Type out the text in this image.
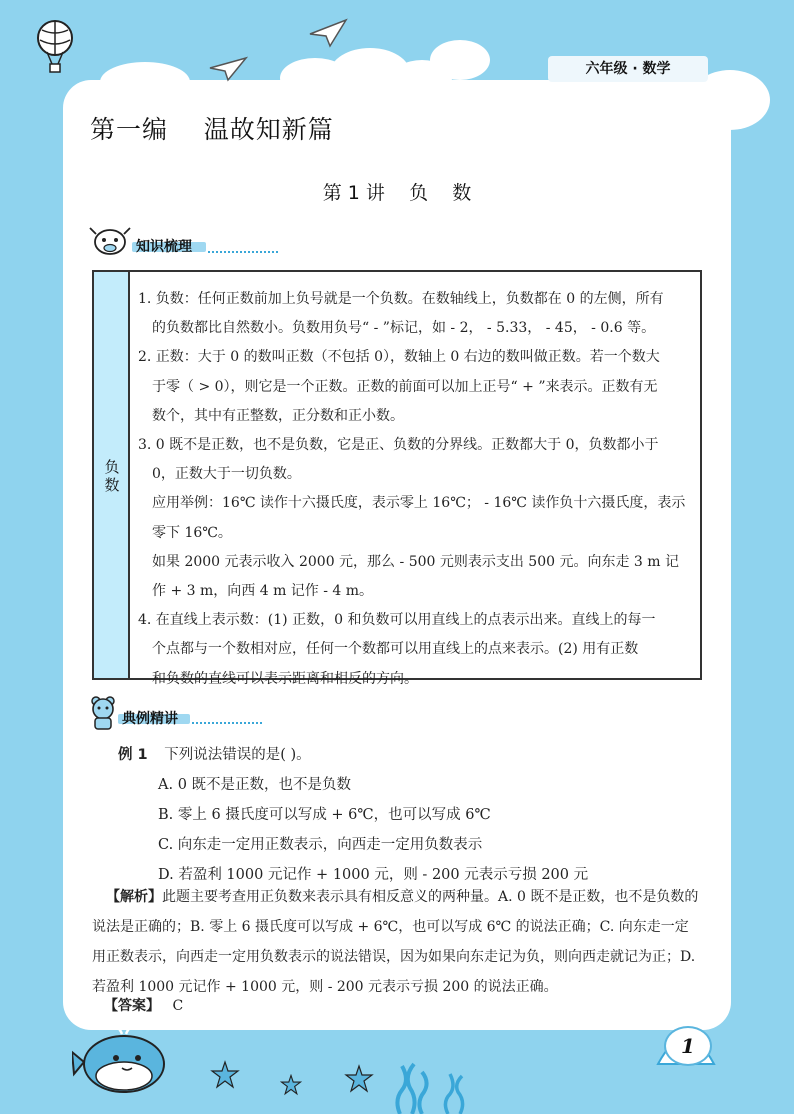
六年级 · 数学
第一编    温故知新篇
第 1 讲    负    数
知识梳理
负数

1. 负数：任何正数前加上负号就是一个负数。在数轴线上，负数都在 0 的左侧，所有

的负数都比自然数小。负数用负号“ - ”标记，如 - 2， - 5.33， - 45， - 0.6 等。

2. 正数：大于 0 的数叫正数（不包括 0），数轴上 0 右边的数叫做正数。若一个数大

于零（ > 0），则它是一个正数。正数的前面可以加上正号“ + ”来表示。正数有无

数个，其中有正整数，正分数和正小数。

3. 0 既不是正数，也不是负数，它是正、负数的分界线。正数都大于 0，负数都小于

0，正数大于一切负数。

应用举例：16℃ 读作十六摄氏度，表示零上 16℃； - 16℃ 读作负十六摄氏度，表示

零下 16℃。

如果 2000 元表示收入 2000 元，那么 - 500 元则表示支出 500 元。向东走 3 m 记

作 + 3 m，向西 4 m 记作 - 4 m。

4. 在直线上表示数：(1) 正数，0 和负数可以用直线上的点表示出来。直线上的每一

个点都与一个数相对应，任何一个数都可以用直线上的点来表示。(2) 用有正数

和负数的直线可以表示距离和相反的方向。

典例精讲

例 1 下列说法错误的是( )。

A. 0 既不是正数，也不是负数

B. 零上 6 摄氏度可以写成 + 6℃，也可以写成 6℃

C. 向东走一定用正数表示，向西走一定用负数表示

D. 若盈利 1000 元记作 + 1000 元，则 - 200 元表示亏损 200 元

【解析】此题主要考查用正负数来表示具有相反意义的两种量。A. 0 既不是正数，也不是负数的说法是正确的；B. 零上 6 摄氏度可以写成 + 6℃，也可以写成 6℃ 的说法正确；C. 向东走一定用正数表示，向西走一定用负数表示的说法错误，因为如果向东走记为负，则向西走就记为正；D. 若盈利 1000 元记作 + 1000 元，则 - 200 元表示亏损 200 的说法正确。
【答案】 C
1
